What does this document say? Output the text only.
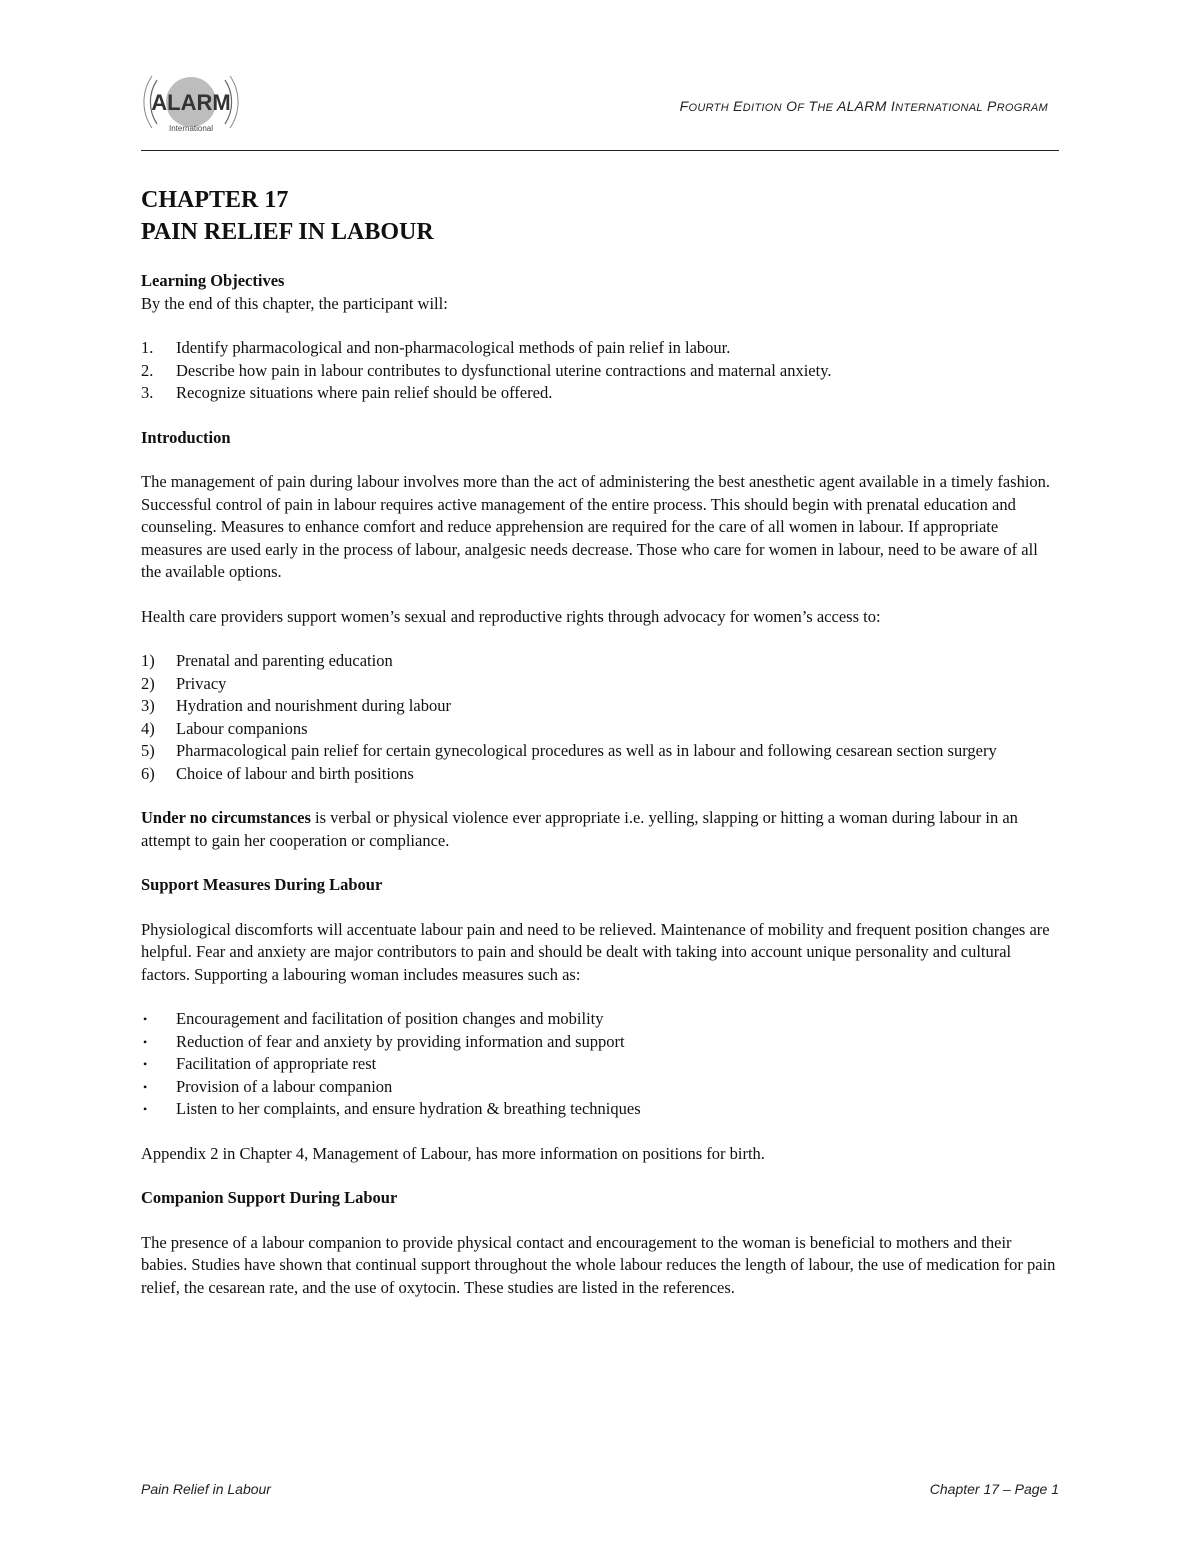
ALARM
International
FOURTH EDITION OF THE ALARM INTERNATIONAL PROGRAM
CHAPTER 17
PAIN RELIEF IN LABOUR
Learning Objectives

By the end of this chapter, the participant will:

1. Identify pharmacological and non-pharmacological methods of pain relief in labour.
2. Describe how pain in labour contributes to dysfunctional uterine contractions and maternal anxiety.
3. Recognize situations where pain relief should be offered.
Introduction

The management of pain during labour involves more than the act of administering the best anesthetic agent available in a timely fashion. Successful control of pain in labour requires active management of the entire process. This should begin with prenatal education and counseling. Measures to enhance comfort and reduce apprehension are required for the care of all women in labour. If appropriate measures are used early in the process of labour, analgesic needs decrease. Those who care for women in labour, need to be aware of all the available options.

Health care providers support women’s sexual and reproductive rights through advocacy for women’s access to:

1) Prenatal and parenting education
2) Privacy
3) Hydration and nourishment during labour
4) Labour companions
5) Pharmacological pain relief for certain gynecological procedures as well as in labour and following cesarean section surgery
6) Choice of labour and birth positions

Under no circumstances is verbal or physical violence ever appropriate i.e. yelling, slapping or hitting a woman during labour in an attempt to gain her cooperation or compliance.

Support Measures During Labour

Physiological discomforts will accentuate labour pain and need to be relieved. Maintenance of mobility and frequent position changes are helpful. Fear and anxiety are major contributors to pain and should be dealt with taking into account unique personality and cultural factors. Supporting a labouring woman includes measures such as:

• Encouragement and facilitation of position changes and mobility
• Reduction of fear and anxiety by providing information and support
• Facilitation of appropriate rest
• Provision of a labour companion
• Listen to her complaints, and ensure hydration & breathing techniques

Appendix 2 in Chapter 4, Management of Labour, has more information on positions for birth.

Companion Support During Labour

The presence of a labour companion to provide physical contact and encouragement to the woman is beneficial to mothers and their babies. Studies have shown that continual support throughout the whole labour reduces the length of labour, the use of medication for pain relief, the cesarean rate, and the use of oxytocin. These studies are listed in the references.

Pain Relief in Labour	Chapter 17 – Page 1
